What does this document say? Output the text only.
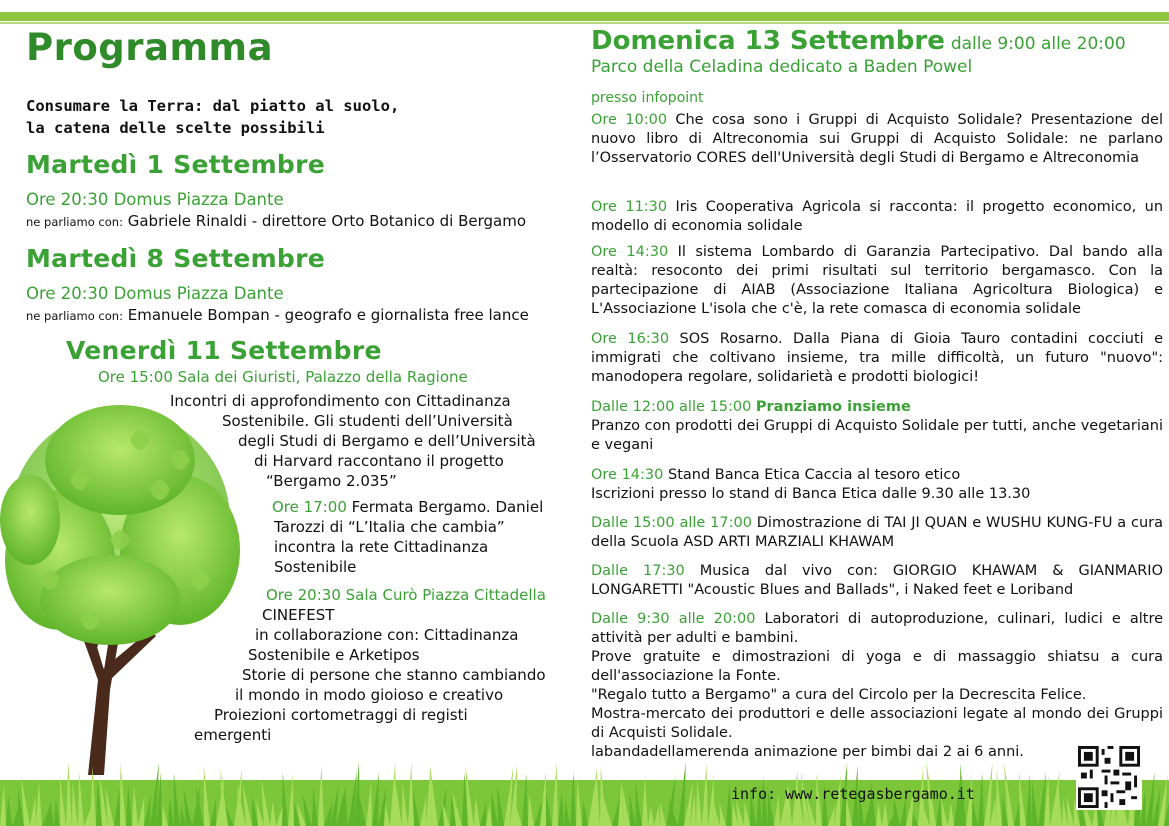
Programma
Consumare la Terra: dal piatto al suolo,
la catena delle scelte possibili
Martedì 1 Settembre
Ore 20:30 Domus Piazza Dante
ne parliamo con: Gabriele Rinaldi - direttore Orto Botanico di Bergamo
Martedì 8 Settembre
Ore 20:30 Domus Piazza Dante
ne parliamo con: Emanuele Bompan - geografo e giornalista free lance
Venerdì 11 Settembre
Ore 15:00 Sala dei Giuristi, Palazzo della Ragione
Incontri di approfondimento con Cittadinanza
Sostenibile. Gli studenti dell’Università
degli Studi di Bergamo e dell’Università
di Harvard raccontano il progetto
“Bergamo 2.035”
Ore 17:00 Fermata Bergamo. Daniel
Tarozzi di “L’Italia che cambia”
incontra la rete Cittadinanza
Sostenibile
Ore 20:30 Sala Curò Piazza Cittadella
CINEFEST
in collaborazione con: Cittadinanza
Sostenibile e Arketipos
Storie di persone che stanno cambiando
il mondo in modo gioioso e creativo
Proiezioni cortometraggi di registi
emergenti
Domenica 13 Settembre dalle 9:00 alle 20:00
Parco della Celadina dedicato a Baden Powel
presso infopoint
Ore 10:00 Che cosa sono i Gruppi di Acquisto Solidale? Presentazione del nuovo libro di Altreconomia sui Gruppi di Acquisto Solidale: ne parlano l’Osservatorio CORES dell'Università degli Studi di Bergamo e Altreconomia
Ore 11:30 Iris Cooperativa Agricola si racconta: il progetto economico, un modello di economia solidale
Ore 14:30 Il sistema Lombardo di Garanzia Partecipativo. Dal bando alla realtà: resoconto dei primi risultati sul territorio bergamasco. Con la partecipazione di AIAB (Associazione Italiana Agricoltura Biologica) e L'Associazione L'isola che c'è, la rete comasca di economia solidale
Ore 16:30 SOS Rosarno. Dalla Piana di Gioia Tauro contadini cocciuti e immigrati che coltivano insieme, tra mille difficoltà, un futuro "nuovo": manodopera regolare, solidarietà e prodotti biologici!
Dalle 12:00 alle 15:00 Pranziamo insieme
Pranzo con prodotti dei Gruppi di Acquisto Solidale per tutti, anche vegetariani e vegani
Ore 14:30 Stand Banca Etica Caccia al tesoro etico
Iscrizioni presso lo stand di Banca Etica dalle 9.30 alle 13.30
Dalle 15:00 alle 17:00 Dimostrazione di TAI JI QUAN e WUSHU KUNG-FU a cura della Scuola ASD ARTI MARZIALI KHAWAM
Dalle 17:30 Musica dal vivo con: GIORGIO KHAWAM & GIANMARIO LONGARETTI "Acoustic Blues and Ballads", i Naked feet e Loriband
Dalle 9:30 alle 20:00 Laboratori di autoproduzione, culinari, ludici e altre attività per adulti e bambini.
Prove gratuite e dimostrazioni di yoga e di massaggio shiatsu a cura dell'associazione la Fonte.
"Regalo tutto a Bergamo" a cura del Circolo per la Decrescita Felice.
Mostra-mercato dei produttori e delle associazioni legate al mondo dei Gruppi di Acquisti Solidale.
labandadellamerenda animazione per bimbi dai 2 ai 6 anni.
info: www.retegasbergamo.it
